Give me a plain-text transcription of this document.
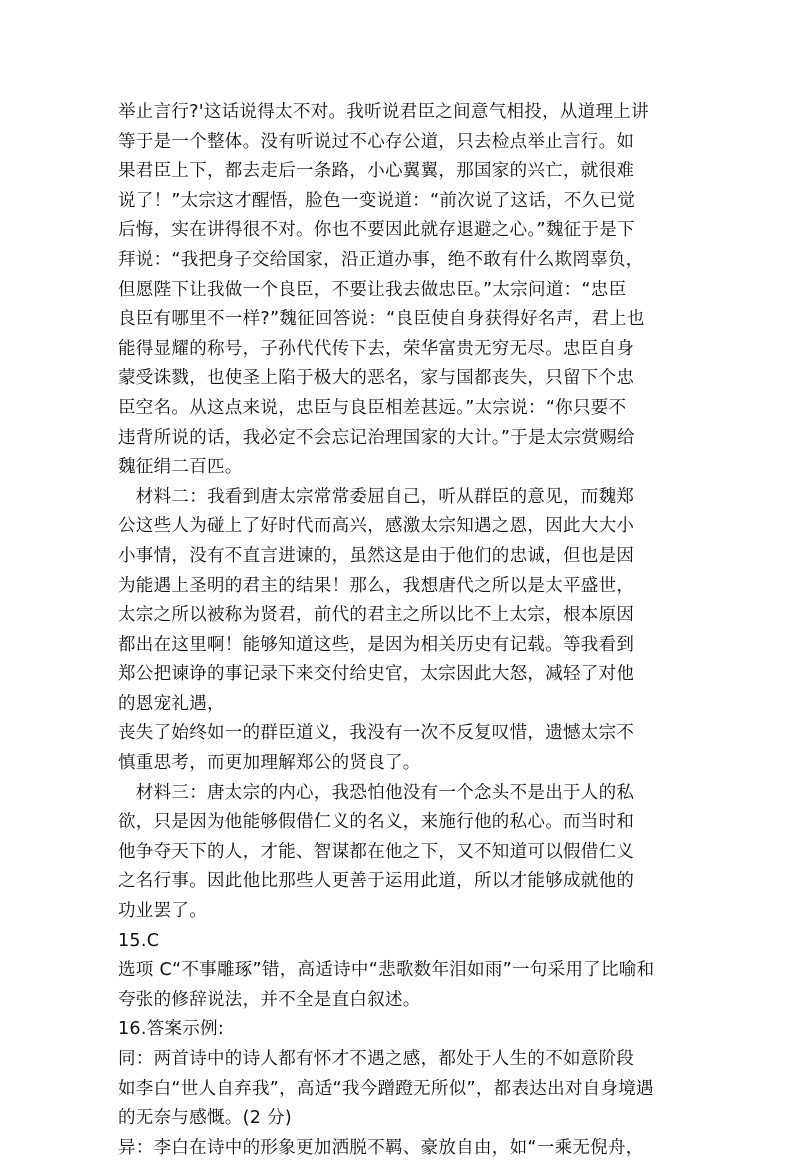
举止言行?'这话说得太不对。我听说君臣之间意气相投，从道理上讲
等于是一个整体。没有听说过不心存公道，只去检点举止言行。如
果君臣上下，都去走后一条路，小心翼翼，那国家的兴亡，就很难
说了！”太宗这才醒悟，脸色一变说道：“前次说了这话，不久已觉
后悔，实在讲得很不对。你也不要因此就存退避之心。”魏征于是下
拜说：“我把身子交给国家，沿正道办事，绝不敢有什么欺罔辜负，
但愿陛下让我做一个良臣，不要让我去做忠臣。”太宗问道：“忠臣
良臣有哪里不一样?”魏征回答说：“良臣使自身获得好名声，君上也
能得显耀的称号，子孙代代传下去，荣华富贵无穷无尽。忠臣自身
蒙受诛戮，也使圣上陷于极大的恶名，家与国都丧失，只留下个忠
臣空名。从这点来说，忠臣与良臣相差甚远。”太宗说：“你只要不
违背所说的话，我必定不会忘记治理国家的大计。”于是太宗赏赐给
魏征绢二百匹。
　材料二：我看到唐太宗常常委屈自己，听从群臣的意见，而魏郑
公这些人为碰上了好时代而高兴，感激太宗知遇之恩，因此大大小
小事情，没有不直言进谏的，虽然这是由于他们的忠诚，但也是因
为能遇上圣明的君主的结果！那么，我想唐代之所以是太平盛世，
太宗之所以被称为贤君，前代的君主之所以比不上太宗，根本原因
都出在这里啊！能够知道这些，是因为相关历史有记载。等我看到
郑公把谏诤的事记录下来交付给史官，太宗因此大怒，减轻了对他
的恩宠礼遇，
丧失了始终如一的群臣道义，我没有一次不反复叹惜，遗憾太宗不
慎重思考，而更加理解郑公的贤良了。
　材料三：唐太宗的内心，我恐怕他没有一个念头不是出于人的私
欲，只是因为他能够假借仁义的名义，来施行他的私心。而当时和
他争夺天下的人，才能、智谋都在他之下，又不知道可以假借仁义
之名行事。因此他比那些人更善于运用此道，所以才能够成就他的
功业罢了。
15.C
选项 C“不事雕琢”错，高适诗中“悲歌数年泪如雨”一句采用了比喻和
夸张的修辞说法，并不全是直白叙述。
16.答案示例:
同：两首诗中的诗人都有怀才不遇之感，都处于人生的不如意阶段
如李白“世人自弃我”，高适“我今蹭蹬无所似”，都表达出对自身境遇
的无奈与感慨。(2 分)
异：李白在诗中的形象更加洒脱不羁、豪放自由，如“一乘无倪舟，
